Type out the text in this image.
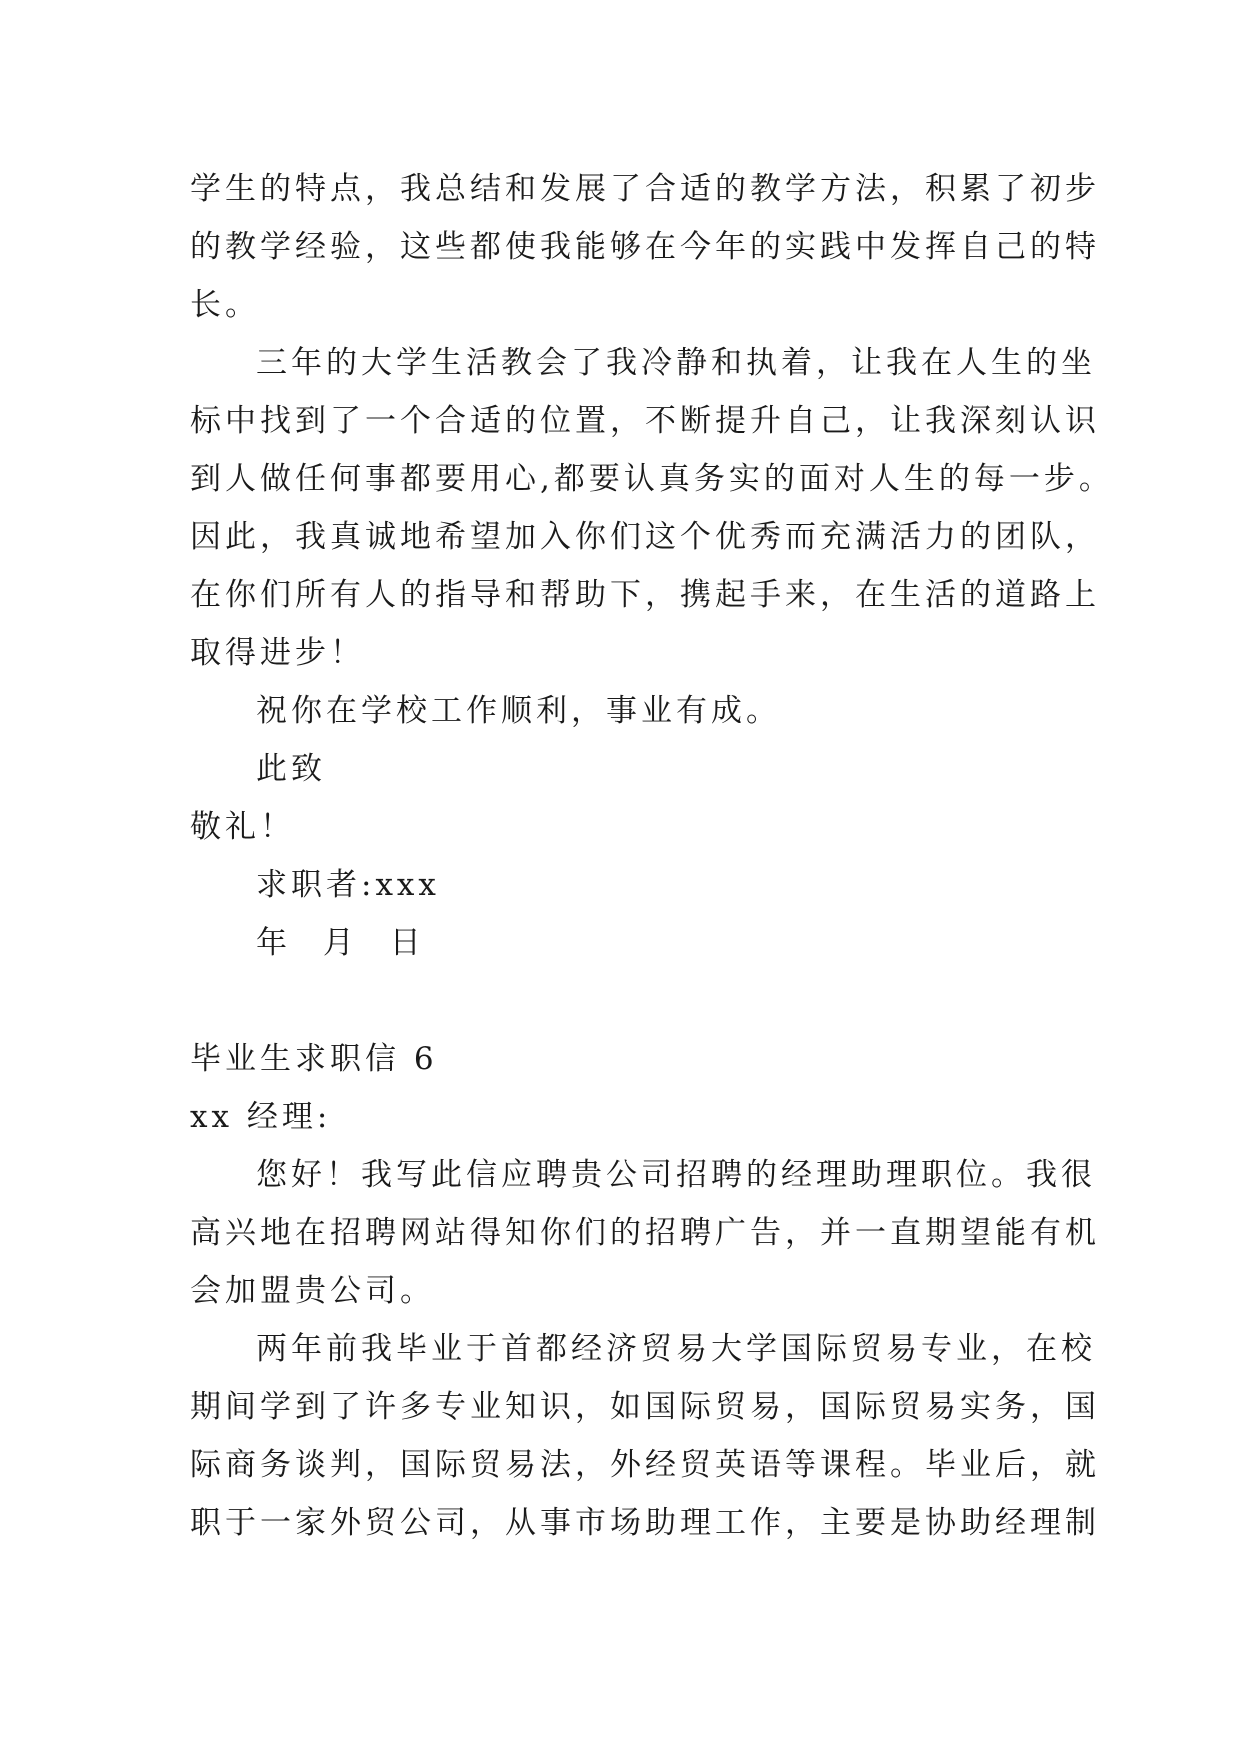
学生的特点，我总结和发展了合适的教学方法，积累了初步
的教学经验，这些都使我能够在今年的实践中发挥自己的特
长。
三年的大学生活教会了我冷静和执着，让我在人生的坐
标中找到了一个合适的位置，不断提升自己，让我深刻认识
到人做任何事都要用心,都要认真务实的面对人生的每一步。
因此，我真诚地希望加入你们这个优秀而充满活力的团队，
在你们所有人的指导和帮助下，携起手来，在生活的道路上
取得进步！
祝你在学校工作顺利，事业有成。
此致
敬礼！
求职者:xxx
年 月 日
毕业生求职信 6
xx 经理:
您好！我写此信应聘贵公司招聘的经理助理职位。我很
高兴地在招聘网站得知你们的招聘广告，并一直期望能有机
会加盟贵公司。
两年前我毕业于首都经济贸易大学国际贸易专业，在校
期间学到了许多专业知识，如国际贸易，国际贸易实务，国
际商务谈判，国际贸易法，外经贸英语等课程。毕业后，就
职于一家外贸公司，从事市场助理工作，主要是协助经理制
